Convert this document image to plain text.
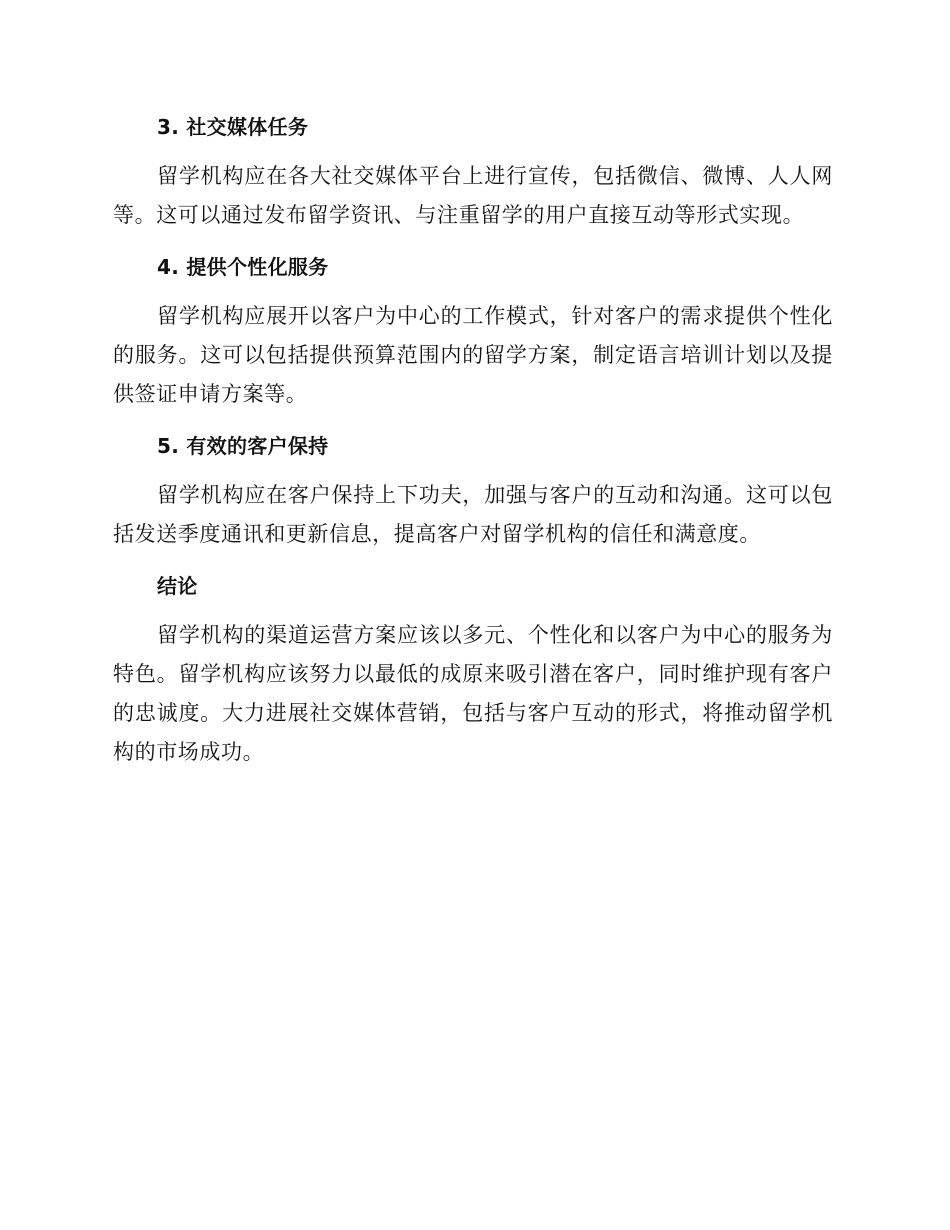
3. 社交媒体任务

留学机构应在各大社交媒体平台上进行宣传，包括微信、微博、人人网等。这可以通过发布留学资讯、与注重留学的用户直接互动等形式实现。

4. 提供个性化服务

留学机构应展开以客户为中心的工作模式，针对客户的需求提供个性化的服务。这可以包括提供预算范围内的留学方案，制定语言培训计划以及提供签证申请方案等。

5. 有效的客户保持

留学机构应在客户保持上下功夫，加强与客户的互动和沟通。这可以包括发送季度通讯和更新信息，提高客户对留学机构的信任和满意度。

结论

留学机构的渠道运营方案应该以多元、个性化和以客户为中心的服务为特色。留学机构应该努力以最低的成原来吸引潜在客户，同时维护现有客户的忠诚度。大力进展社交媒体营销，包括与客户互动的形式，将推动留学机构的市场成功。
